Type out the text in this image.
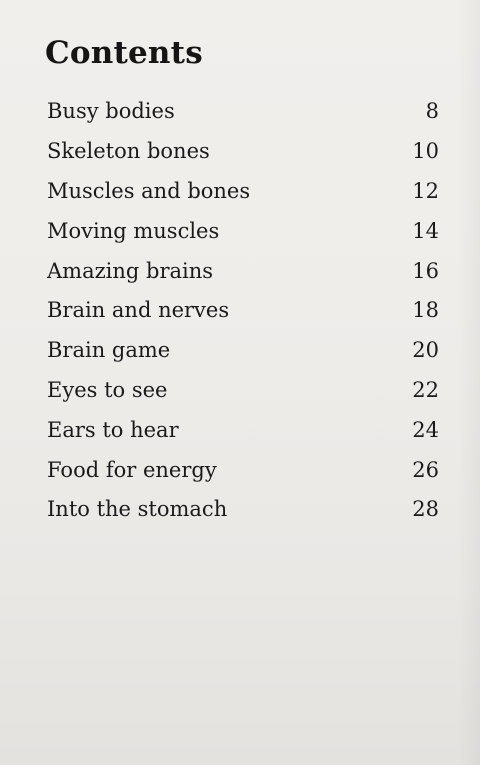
Contents
Busy bodies	8
Skeleton bones	10
Muscles and bones	12
Moving muscles	14
Amazing brains	16
Brain and nerves	18
Brain game	20
Eyes to see	22
Ears to hear	24
Food for energy	26
Into the stomach	28
